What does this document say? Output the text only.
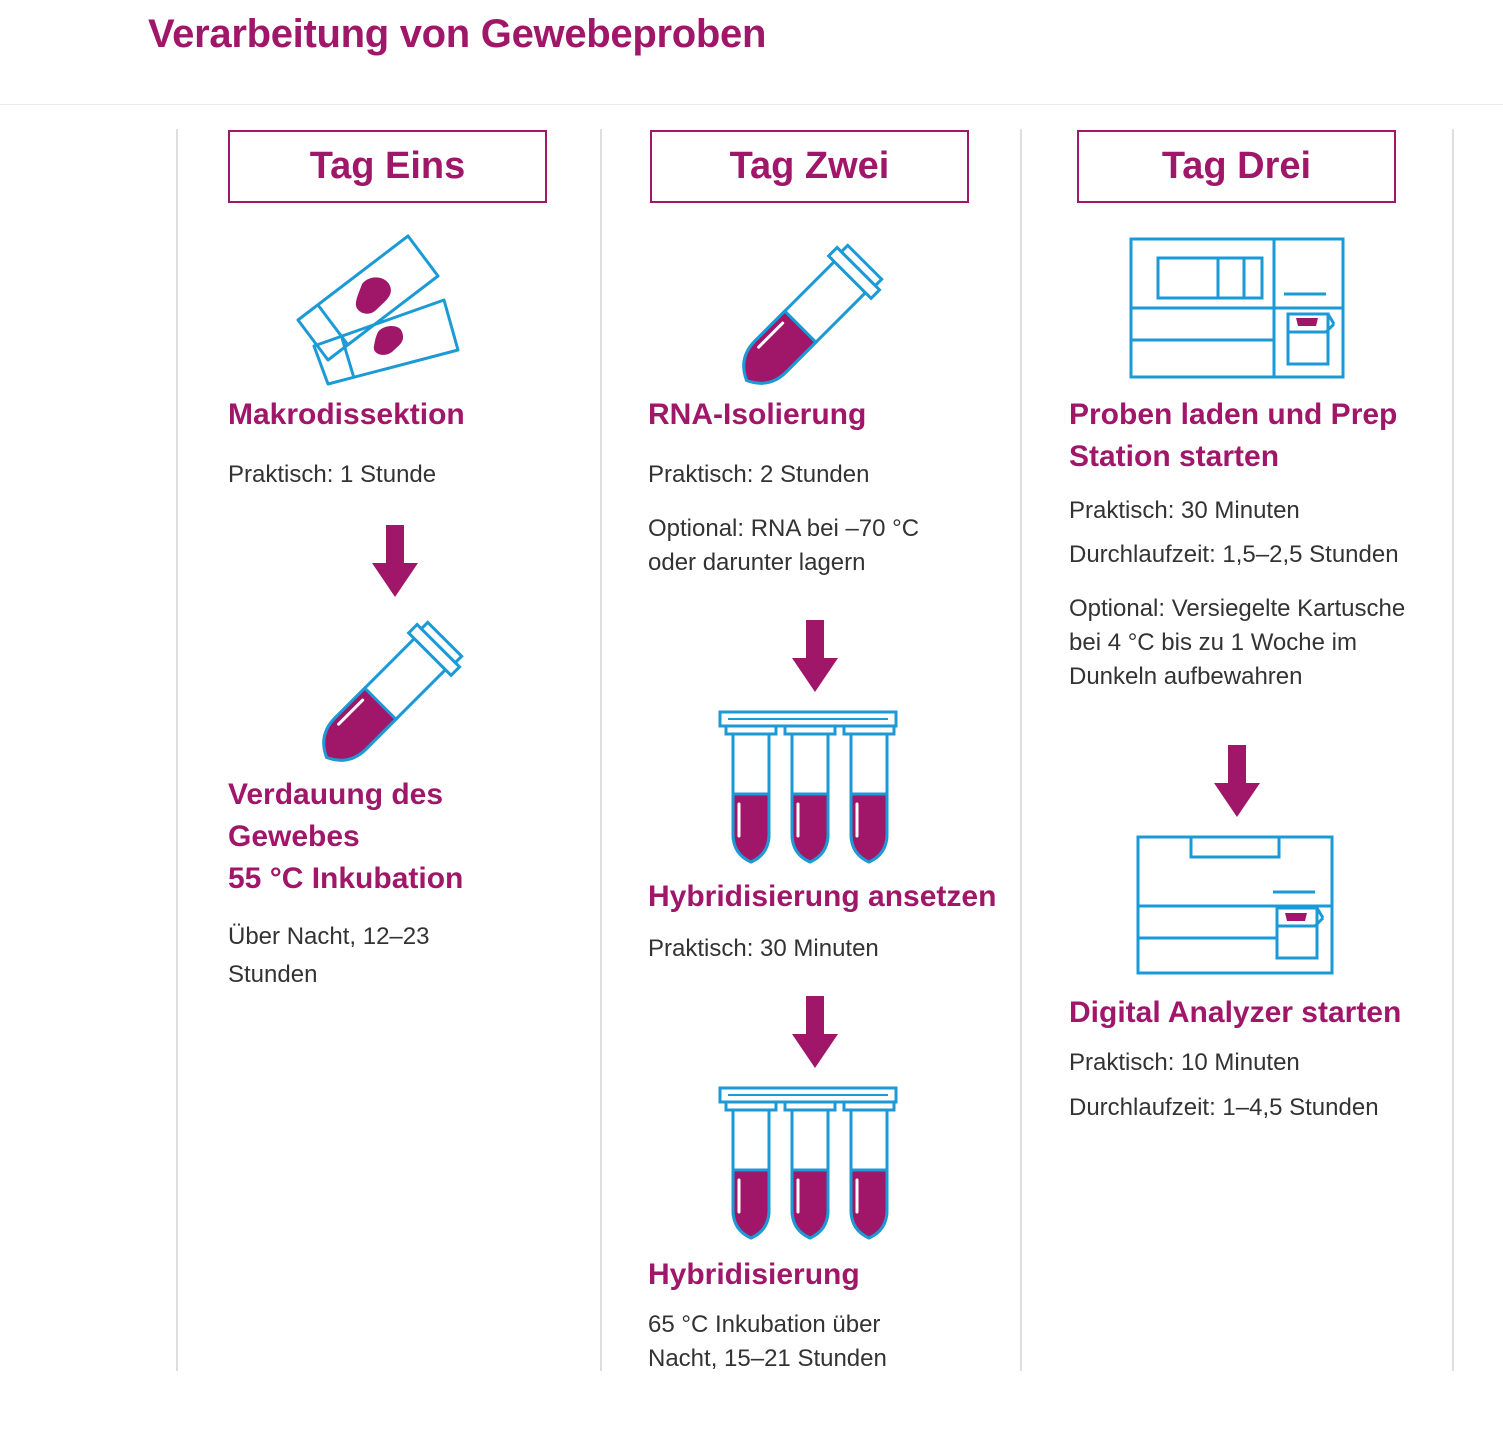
Verarbeitung von Gewebeproben
Tag Eins
Makrodissektion
Praktisch: 1 Stunde
Verdauung des
Gewebes
55 °C Inkubation
Über Nacht, 12–23
Stunden
Tag Zwei
RNA-Isolierung
Praktisch: 2 Stunden
Optional: RNA bei –70 °C
oder darunter lagern
Hybridisierung ansetzen
Praktisch: 30 Minuten
Hybridisierung
65 °C Inkubation über
Nacht, 15–21 Stunden
Tag Drei
Proben laden und Prep
Station starten
Praktisch: 30 Minuten
Durchlaufzeit: 1,5–2,5 Stunden
Optional: Versiegelte Kartusche
bei 4 °C bis zu 1 Woche im
Dunkeln aufbewahren
Digital Analyzer starten
Praktisch: 10 Minuten
Durchlaufzeit: 1–4,5 Stunden
